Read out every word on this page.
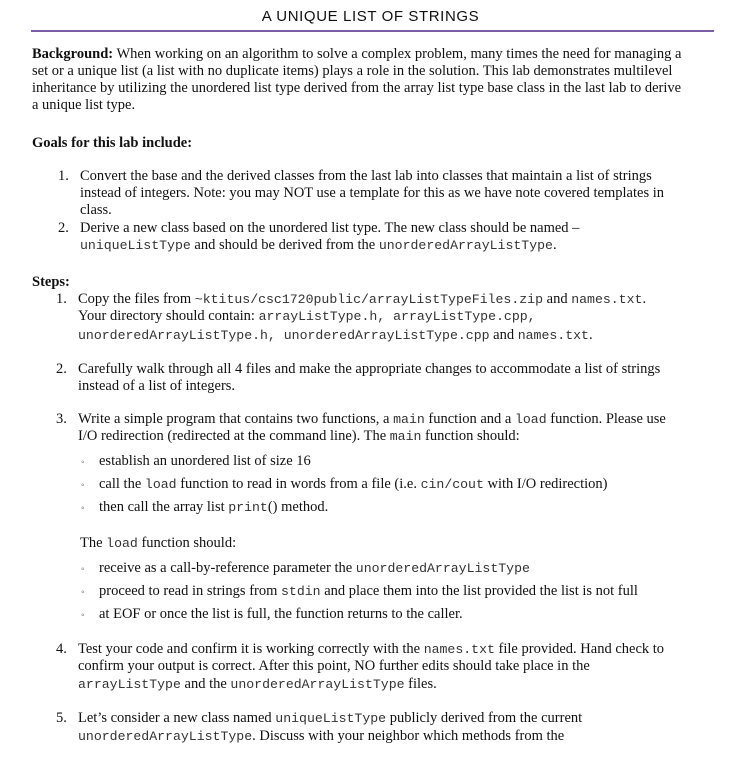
A UNIQUE LIST OF STRINGS
Background: When working on an algorithm to solve a complex problem, many times the need for managing a
set or a unique list (a list with no duplicate items) plays a role in the solution. This lab demonstrates multilevel
inheritance by utilizing the unordered list type derived from the array list type base class in the last lab to derive
a unique list type.
Goals for this lab include:
1. Convert the base and the derived classes from the last lab into classes that maintain a list of strings
instead of integers. Note: you may NOT use a template for this as we have note covered templates in
class.
2. Derive a new class based on the unordered list type. The new class should be named –
uniqueListType and should be derived from the unorderedArrayListType.
Steps:
1. Copy the files from ~ktitus/csc1720public/arrayListTypeFiles.zip and names.txt.
Your directory should contain: arrayListType.h, arrayListType.cpp,
unorderedArrayListType.h, unorderedArrayListType.cpp and names.txt.
2. Carefully walk through all 4 files and make the appropriate changes to accommodate a list of strings
instead of a list of integers.
3. Write a simple program that contains two functions, a main function and a load function. Please use
I/O redirection (redirected at the command line). The main function should:
◦ establish an unordered list of size 16
◦ call the load function to read in words from a file (i.e. cin/cout with I/O redirection)
◦ then call the array list print() method.
The load function should:
◦ receive as a call-by-reference parameter the unorderedArrayListType
◦ proceed to read in strings from stdin and place them into the list provided the list is not full
◦ at EOF or once the list is full, the function returns to the caller.
4. Test your code and confirm it is working correctly with the names.txt file provided. Hand check to
confirm your output is correct. After this point, NO further edits should take place in the
arrayListType and the unorderedArrayListType files.
5. Let’s consider a new class named uniqueListType publicly derived from the current
unorderedArrayListType. Discuss with your neighbor which methods from the
